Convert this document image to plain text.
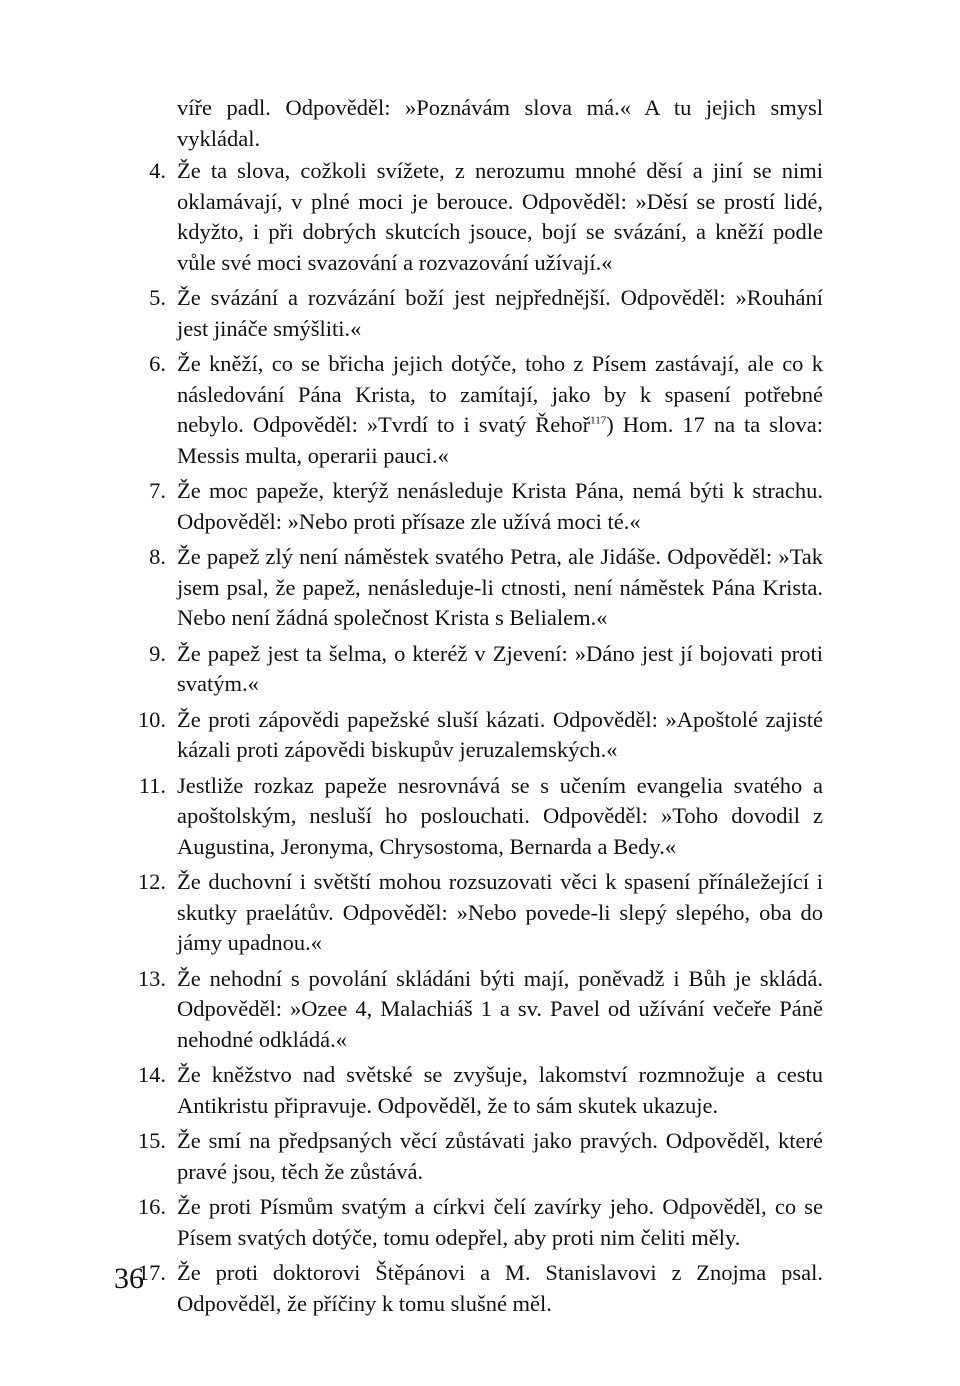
víře padl. Odpověděl: »Poznávám slova má.« A tu jejich smysl vykládal.

4. Že ta slova, cožkoli svížete, z nerozumu mnohé děsí a jiní se nimi oklamávají, v plné moci je berouce. Odpověděl: »Děsí se prostí lidé, kdyžto, i při dobrých skutcích jsouce, bojí se svázání, a kněží podle vůle své moci svazování a rozvazování užívají.«
5. Že svázání a rozvázání boží jest nejpřednější. Odpověděl: »Rouhání jest jináče smýšliti.«
6. Že kněží, co se břicha jejich dotýče, toho z Písem zastávají, ale co k následování Pána Krista, to zamítají, jako by k spasení potřebné nebylo. Odpověděl: »Tvrdí to i svatý Řehoř$^{117}$) Hom. 17 na ta slova: Messis multa, operarii pauci.«
7. Že moc papeže, kterýž nenásleduje Krista Pána, nemá býti k strachu. Odpověděl: »Nebo proti přísaze zle užívá moci té.«
8. Že papež zlý není náměstek svatého Petra, ale Jidáše. Odpověděl: »Tak jsem psal, že papež, nenásleduje-li ctnosti, není náměstek Pána Krista. Nebo není žádná společnost Krista s Belialem.«
9. Že papež jest ta šelma, o kteréž v Zjevení: »Dáno jest jí bojovati proti svatým.«
10. Že proti zápovědi papežské sluší kázati. Odpověděl: »Apoštolé zajisté kázali proti zápovědi biskupův jeruzalemských.«
11. Jestliže rozkaz papeže nesrovnává se s učením evangelia svatého a apoštolským, nesluší ho poslouchati. Odpověděl: »Toho dovodil z Augustina, Jeronyma, Chrysostoma, Bernarda a Bedy.«
12. Že duchovní i světští mohou rozsuzovati věci k spasení přínáležející i skutky praelátův. Odpověděl: »Nebo povede-li slepý slepého, oba do jámy upadnou.«
13. Že nehodní s povolání skládáni býti mají, poněvadž i Bůh je skládá. Odpověděl: »Ozee 4, Malachiáš 1 a sv. Pavel od užívání večeře Páně nehodné odkládá.«
14. Že kněžstvo nad světské se zvyšuje, lakomství rozmnožuje a cestu Antikristu připravuje. Odpověděl, že to sám skutek ukazuje.
15. Že smí na předpsaných věcí zůstávati jako pravých. Odpověděl, které pravé jsou, těch že zůstává.
16. Že proti Písmům svatým a církvi čelí zavírky jeho. Odpověděl, co se Písem svatých dotýče, tomu odepřel, aby proti nim čeliti měly.
17. Že proti doktorovi Štěpánovi a M. Stanislavovi z Znojma psal. Odpověděl, že příčiny k tomu slušné měl.
36
